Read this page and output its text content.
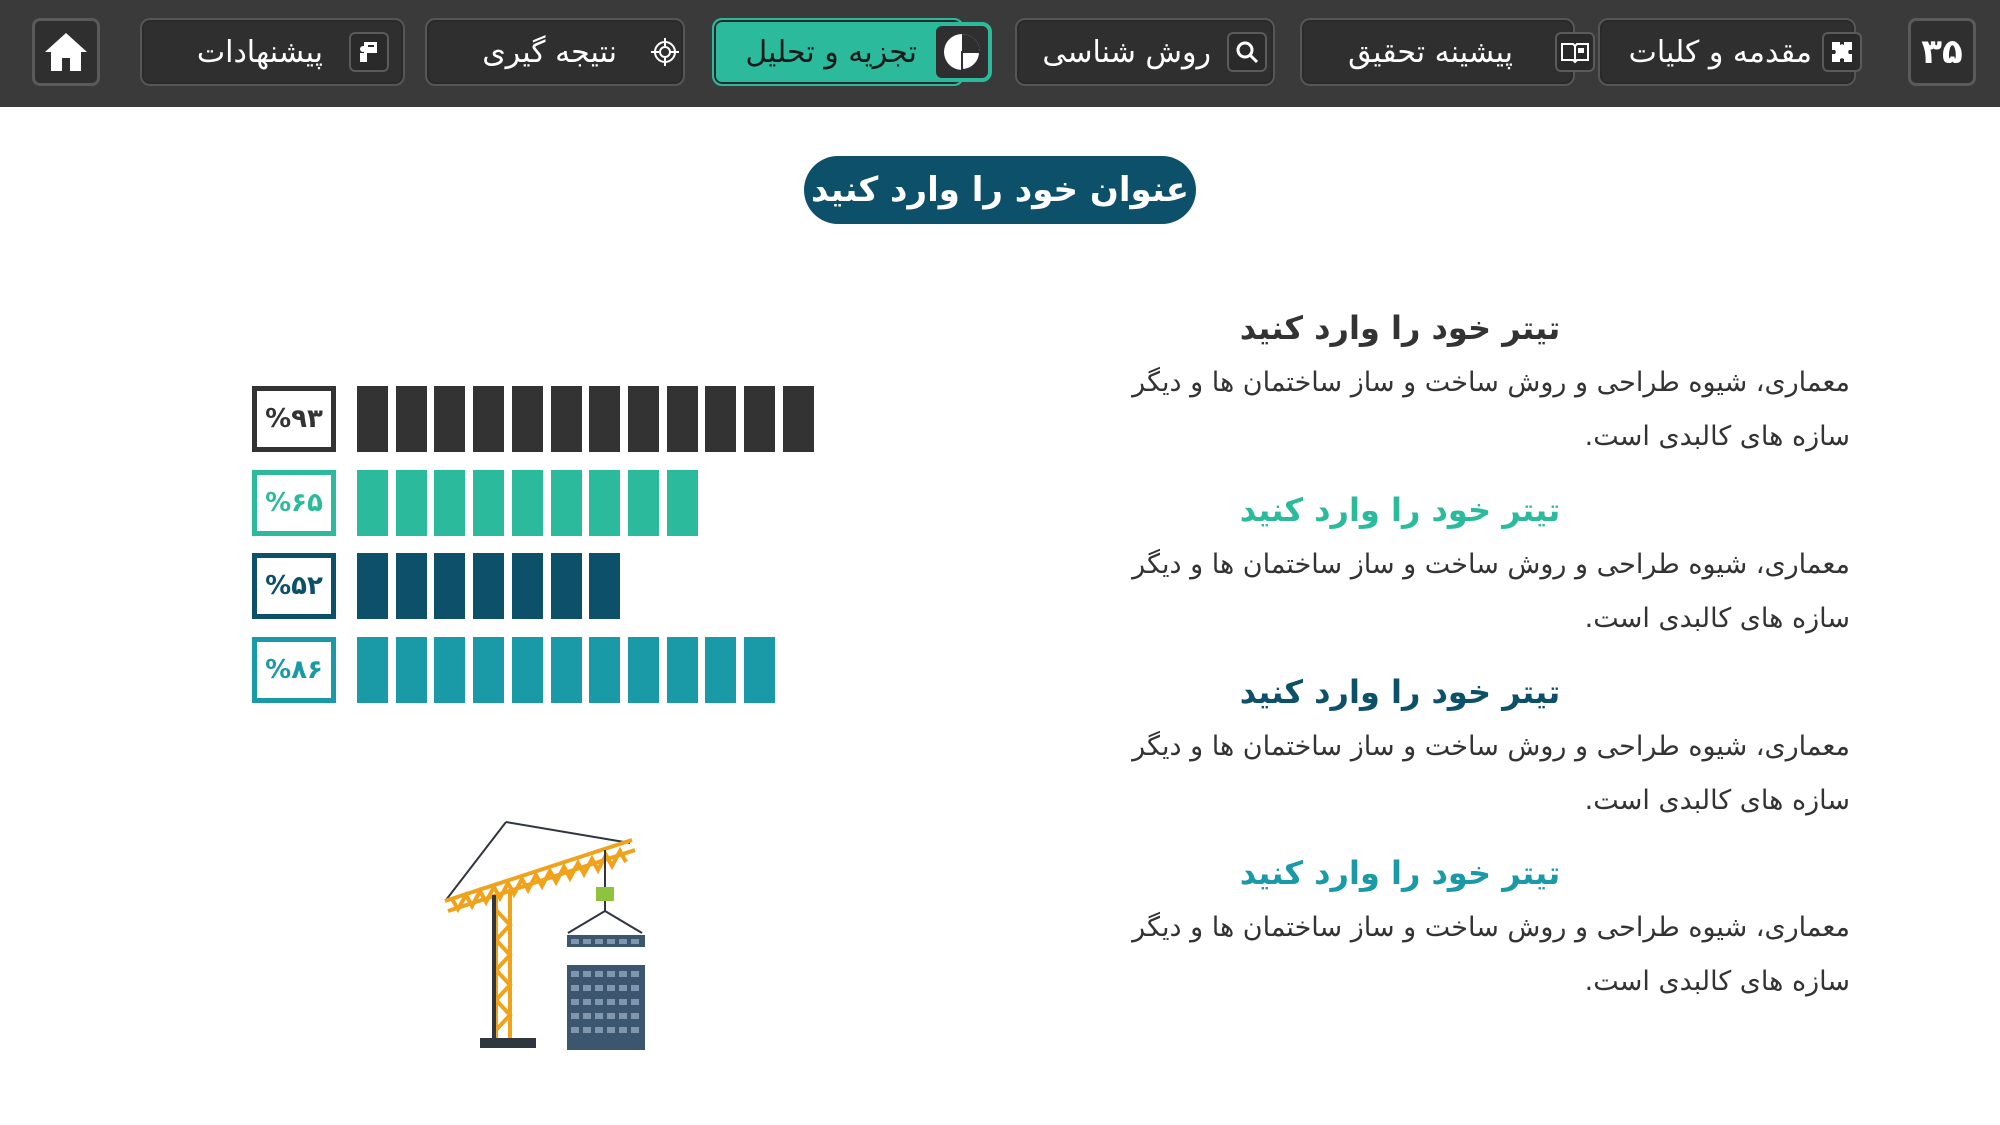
پیشنهادات	نتیجه گیری	تجزیه و تحلیل	روش شناسی	پیشینه تحقیق	مقدمه و کلیات	۳۵
عنوان خود را وارد کنید
تیتر خود را وارد کنید
معماری، شیوه طراحی و روش ساخت و ساز ساختمان ها و دیگر سازه های کالبدی است.
تیتر خود را وارد کنید
معماری، شیوه طراحی و روش ساخت و ساز ساختمان ها و دیگر سازه های کالبدی است.
تیتر خود را وارد کنید
معماری، شیوه طراحی و روش ساخت و ساز ساختمان ها و دیگر سازه های کالبدی است.
تیتر خود را وارد کنید
معماری، شیوه طراحی و روش ساخت و ساز ساختمان ها و دیگر سازه های کالبدی است.
%۹۳
%۶۵
%۵۲
%۸۶
